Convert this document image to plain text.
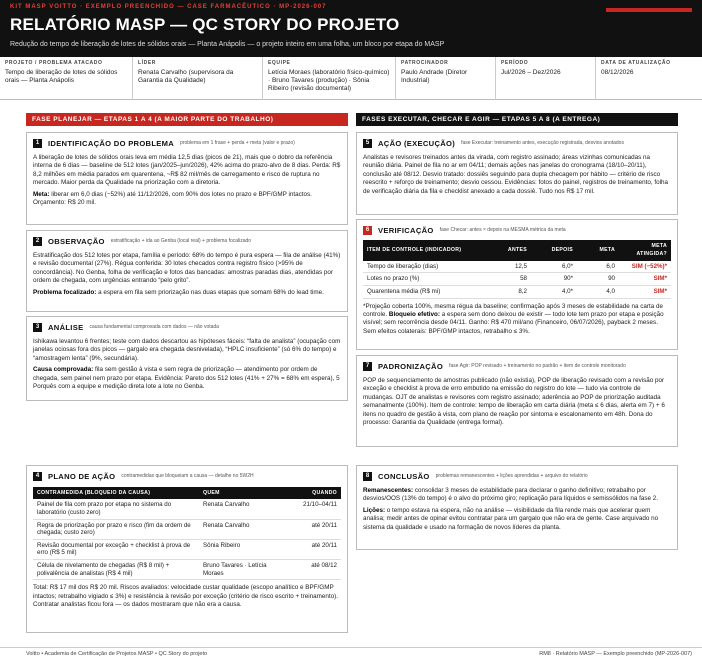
KIT MASP VOITTO · EXEMPLO PREENCHIDO — CASE FARMACÊUTICO · MP-2026-007
RELATÓRIO MASP — QC STORY DO PROJETO
Redução do tempo de liberação de lotes de sólidos orais — Planta Anápolis — o projeto inteiro em uma folha, um bloco por etapa do MASP
PROJETO / PROBLEMA ATACADO
Tempo de liberação de lotes de sólidos orais — Planta Anápolis
LÍDER
Renata Carvalho (supervisora da Garantia da Qualidade)
EQUIPE
Letícia Moraes (laboratório físico-químico) · Bruno Tavares (produção) · Sônia Ribeiro (revisão documental)
PATROCINADOR
Paulo Andrade (Diretor Industrial)
PERÍODO
Jul/2026 – Dez/2026
DATA DE ATUALIZAÇÃO
08/12/2026
FASE PLANEJAR — ETAPAS 1 A 4 (A MAIOR PARTE DO TRABALHO)	FASES EXECUTAR, CHECAR E AGIR — ETAPAS 5 A 8 (A ENTREGA)
1	IDENTIFICAÇÃO DO PROBLEMA problema em 1 frase + perda + meta (valor e prazo)

A liberação de lotes de sólidos orais leva em média 12,5 dias (picos de 21), mais que o dobro da referência interna de 6 dias — baseline de 512 lotes (jan/2025–jun/2026), 42% acima do prazo-alvo de 8 dias. Perda: R$ 8,2 milhões em média parados em quarentena, ~R$ 82 mil/mês de carregamento e risco de ruptura no mercado. Maior perda da Qualidade na priorização com a diretoria.

Meta: liberar em 6,0 dias (−52%) até 11/12/2026, com 90% dos lotes no prazo e BPF/GMP intactos. Orçamento: R$ 20 mil.

2	OBSERVAÇÃO estratificação + ida ao Genba (local real) + problema focalizado

Estratificação dos 512 lotes por etapa, família e período: 68% do tempo é pura espera — fila de análise (41%) e revisão documental (27%). Régua conferida: 30 lotes checados contra registro físico (>95% de concordância). No Genba, folha de verificação e fotos das bancadas: amostras paradas dias, atendidas por ordem de chegada, com urgências entrando “pelo grito”.

Problema focalizado: a espera em fila sem priorização nas duas etapas que somam 68% do lead time.

3	ANÁLISE causa fundamental comprovada com dados — não votada

Ishikawa levantou 6 frentes; teste com dados descartou as hipóteses fáceis: “falta de analista” (ocupação com janelas ociosas fora dos picos — gargalo era chegada desnivelada), “HPLC insuficiente” (só 6% do tempo) e “amostragem lenta” (9%, secundária).

Causa comprovada: fila sem gestão à vista e sem regra de priorização — atendimento por ordem de chegada, sem painel nem prazo por etapa. Evidência: Pareto dos 512 lotes (41% + 27% = 68% em espera), 5 Porquês com a equipe e medição direta lote a lote no Genba.

4	PLANO DE AÇÃO contramedidas que bloqueiam a causa — detalhe no 5W2H
CONTRAMEDIDA (BLOQUEIO DA CAUSA)	QUEM	QUANDO
Painel de fila com prazo por etapa no sistema do laboratório (custo zero)	Renata Carvalho	21/10–04/11
Regra de priorização por prazo e risco (fim da ordem de chegada; custo zero)	Renata Carvalho	até 20/11
Revisão documental por exceção + checklist à prova de erro (R$ 5 mil)	Sônia Ribeiro	até 20/11
Célula de nivelamento de chegadas (R$ 8 mil) + polivalência de analistas (R$ 4 mil)	Bruno Tavares · Letícia Moraes	até 08/12

Total: R$ 17 mil dos R$ 20 mil. Riscos avaliados: velocidade custar qualidade (escopo analítico e BPF/GMP intactos; retrabalho vigiado ≤ 3%) e resistência à revisão por exceção (critério de risco escrito + treinamento). Contratar analistas ficou fora — os dados mostraram que não era a causa.

5	AÇÃO (EXECUÇÃO) fase Executar: treinamento antes, execução registrada, desvios anotados

Analistas e revisores treinados antes da virada, com registro assinado; áreas vizinhas comunicadas na reunião diária. Painel de fila no ar em 04/11; demais ações nas janelas do cronograma (18/10–20/11), conclusão até 08/12. Desvio tratado: dossiês seguindo para dupla checagem por hábito — critério de risco reescrito + reforço de treinamento; desvio cessou. Evidências: fotos do painel, registros de treinamento, folha de verificação diária da fila e checklist anexado a cada dossiê. Tudo nos R$ 17 mil.

6	VERIFICAÇÃO fase Checar: antes × depois na MESMA métrica da meta
ITEM DE CONTROLE (INDICADOR)	ANTES	DEPOIS	META	META ATINGIDA?
Tempo de liberação (dias)	12,5	6,0*	6,0	SIM (−52%)*
Lotes no prazo (%)	58	90*	90	SIM*
Quarentena média (R$ mi)	8,2	4,0*	4,0	SIM*

*Projeção coberta 100%, mesma régua da baseline; confirmação após 3 meses de estabilidade na carta de controle. Bloqueio efetivo: a espera sem dono deixou de existir — todo lote tem prazo por etapa e posição visível; sem recorrência desde 04/11. Ganho: R$ 470 mil/ano (Financeiro, 06/07/2026), payback 2 meses. Sem efeitos colaterais: BPF/GMP intactos, retrabalho ≤ 3%.

7	PADRONIZAÇÃO fase Agir: POP revisado + treinamento no padrão + item de controle monitorado

POP de sequenciamento de amostras publicado (não existia), POP de liberação revisado com a revisão por exceção e checklist à prova de erro embutido na emissão do registro do lote — tudo via controle de mudanças. OJT de analistas e revisores com registro assinado; aderência ao POP de priorização auditada semanalmente (100%). Item de controle: tempo de liberação em carta diária (meta ≤ 6 dias, alerta em 7) + 6 itens no quadro de gestão à vista, com plano de reação por sintoma e escalonamento em 48h. Dona do processo: Garantia da Qualidade (entrega formal).

8	CONCLUSÃO problemas remanescentes + lições aprendidas + arquivo do relatório

Remanescentes: consolidar 3 meses de estabilidade para declarar o ganho definitivo; retrabalho por desvios/OOS (13% do tempo) é o alvo do próximo giro; replicação para líquidos e semissólidos na fase 2.

Lições: o tempo estava na espera, não na análise — visibilidade da fila rende mais que acelerar quem analisa; medir antes de opinar evitou contratar para um gargalo que não era de gente. Case arquivado no sistema da qualidade e usado na formação de novos líderes da planta.

Voitto • Academia de Certificação de Projetos MASP • QC Story do projeto	RM8 · Relatório MASP — Exemplo preenchido (MP-2026-007)
